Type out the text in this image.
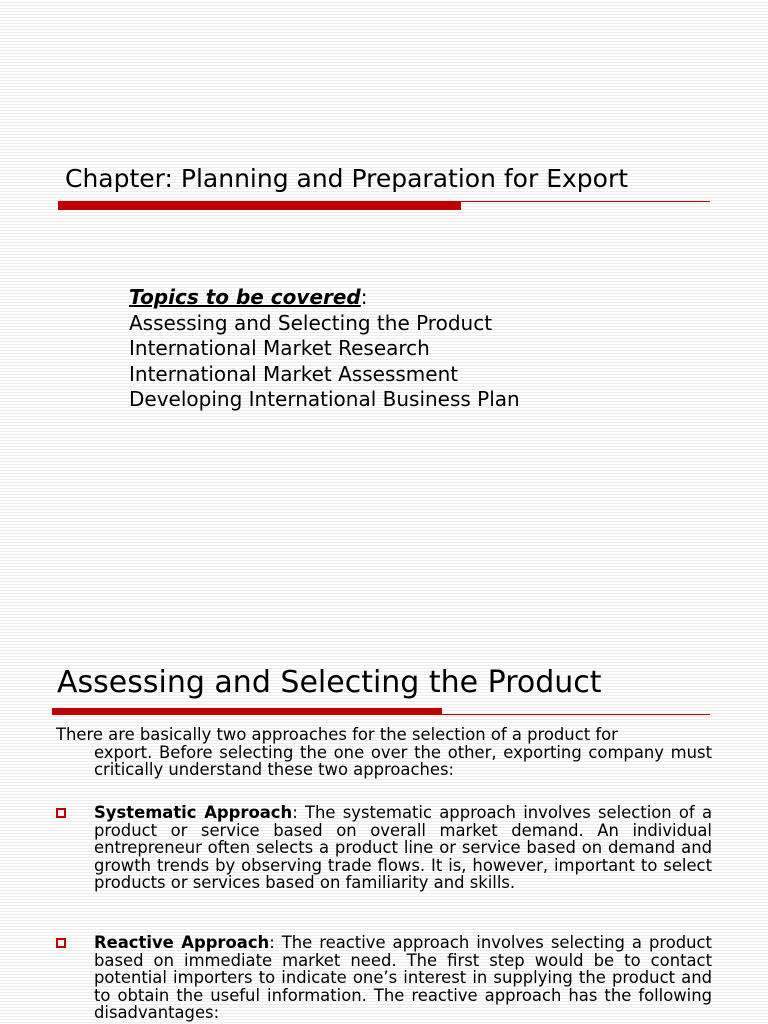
Chapter: Planning and Preparation for Export
Topics to be covered:
Assessing and Selecting the Product
International Market Research
International Market Assessment
Developing International Business Plan
Assessing and Selecting the Product
There are basically two approaches for the selection of a product for
export. Before selecting the one over the other, exporting company must critically understand these two approaches:
Systematic Approach: The systematic approach involves selection of a product or service based on overall market demand. An individual entrepreneur often selects a product line or service based on demand and growth trends by observing trade flows. It is, however, important to select products or services based on familiarity and skills.
Reactive Approach: The reactive approach involves selecting a product based on immediate market need. The first step would be to contact potential importers to indicate one’s interest in supplying the product and to obtain the useful information. The reactive approach has the following disadvantages:
